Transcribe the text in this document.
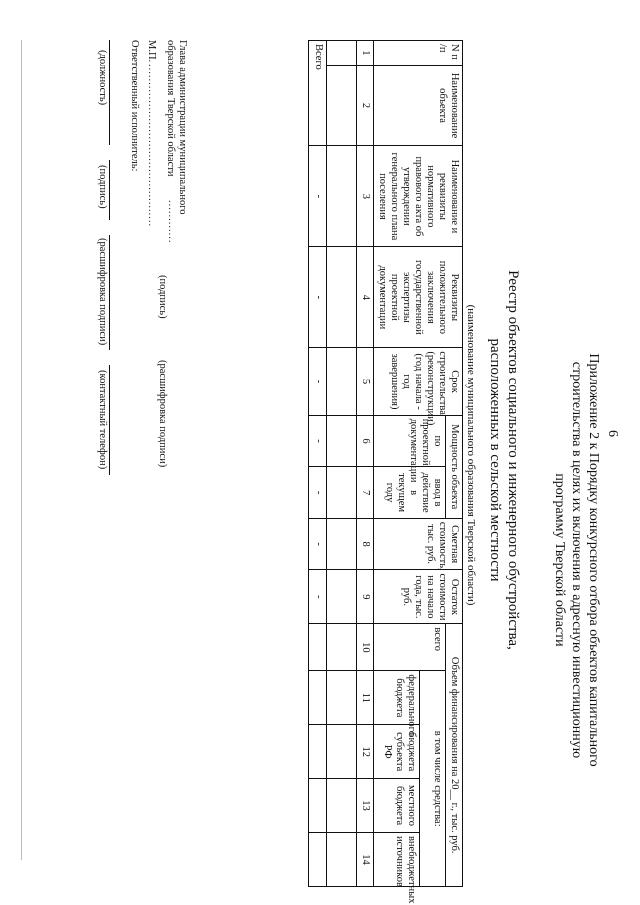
6
Приложение 2 к Порядку конкурсного отбора объектов капитального
строительства в целях их включения в адресную инвестиционную
программу Тверской области
Реестр объектов социального и инженерного обустройства,
расположенных в сельской местности
(наименование муниципального образования Тверской области)
N п /п	Наименование объекта	Наименование и реквизиты нормативного правового акта об утверждении генерального плана поселения	Реквизиты положительного заключения государственной экспертизы проектной документации	Срок строительства (реконструкции) (год начала - год завершения)	Мощность объекта		Сметная стоимость, тыс. руб.	Остаток стоимости на начало года, тыс. руб.	Объем финансирования на 20__ г., тыс. руб.				
					по проектной документации	ввод в действие в текущем году			всего	в том числе средства:			
										федерального бюджета	бюджета субъекта РФ	местного бюджета	внебюджетных источников
1	2	3	4	5	6	7	8	9	10	11	12	13	14

Всего		-	-	-	-	-	-	-					
Глава администрации муниципального
образования Тверской области
............
(подпись)
(расшифровка подписи)
М.П.
.............................................
Ответственный исполнитель:
(должность)
(подпись)
(расшифровка подписи)
(контактный телефон)
